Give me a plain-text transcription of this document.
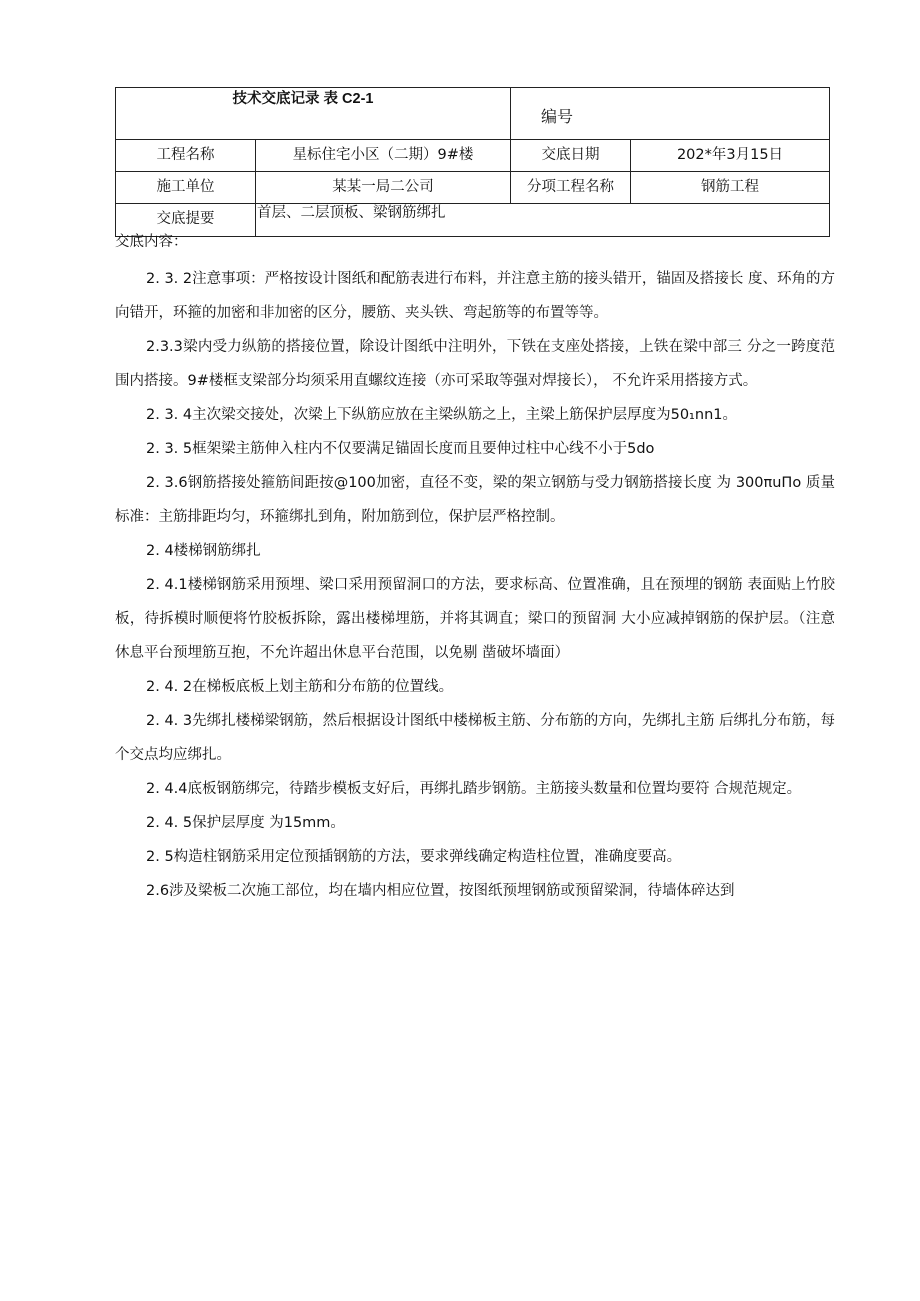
技术交底记录 表 C2-1		编号	
工程名称	星标住宅小区（二期）9#楼	交底日期	202*年3月15日
施工单位	某某一局二公司	分项工程名称	钢筋工程
交底提要	首层、二层顶板、梁钢筋绑扎		
交底内容：

2. 3. 2注意事项：严格按设计图纸和配筋表进行布料，并注意主筋的接头错开，锚固及搭接长 度、环角的方向错开，环箍的加密和非加密的区分，腰筋、夹头铁、弯起筋等的布置等等。

2.3.3梁内受力纵筋的搭接位置，除设计图纸中注明外，下铁在支座处搭接，上铁在梁中部三 分之一跨度范围内搭接。9#楼框支梁部分均须采用直螺纹连接（亦可采取等强对焊接长）， 不允许采用搭接方式。

2. 3. 4主次梁交接处，次梁上下纵筋应放在主梁纵筋之上，主梁上筋保护层厚度为50₁nn1。

2. 3. 5框架梁主筋伸入柱内不仅要满足锚固长度而且要伸过柱中心线不小于5do

2. 3.6钢筋搭接处箍筋间距按@100加密，直径不变，梁的架立钢筋与受力钢筋搭接长度 为 300πuΠo 质量标准：主筋排距均匀，环箍绑扎到角，附加筋到位，保护层严格控制。

2. 4楼梯钢筋绑扎

2. 4.1楼梯钢筋采用预埋、梁口采用预留洞口的方法，要求标高、位置准确，且在预埋的钢筋 表面贴上竹胶板，待拆模时顺便将竹胶板拆除，露出楼梯埋筋，并将其调直；梁口的预留洞 大小应减掉钢筋的保护层。（注意休息平台预埋筋互抱，不允许超出休息平台范围，以免剔 凿破坏墙面）

2. 4. 2在梯板底板上划主筋和分布筋的位置线。

2. 4. 3先绑扎楼梯梁钢筋，然后根据设计图纸中楼梯板主筋、分布筋的方向，先绑扎主筋 后绑扎分布筋，每个交点均应绑扎。

2. 4.4底板钢筋绑完，待踏步模板支好后，再绑扎踏步钢筋。主筋接头数量和位置均要符 合规范规定。

2. 4. 5保护层厚度 为15mm。

2. 5构造柱钢筋采用定位预插钢筋的方法，要求弹线确定构造柱位置，准确度要高。

2.6涉及梁板二次施工部位，均在墙内相应位置，按图纸预埋钢筋或预留梁洞，待墙体碎达到
